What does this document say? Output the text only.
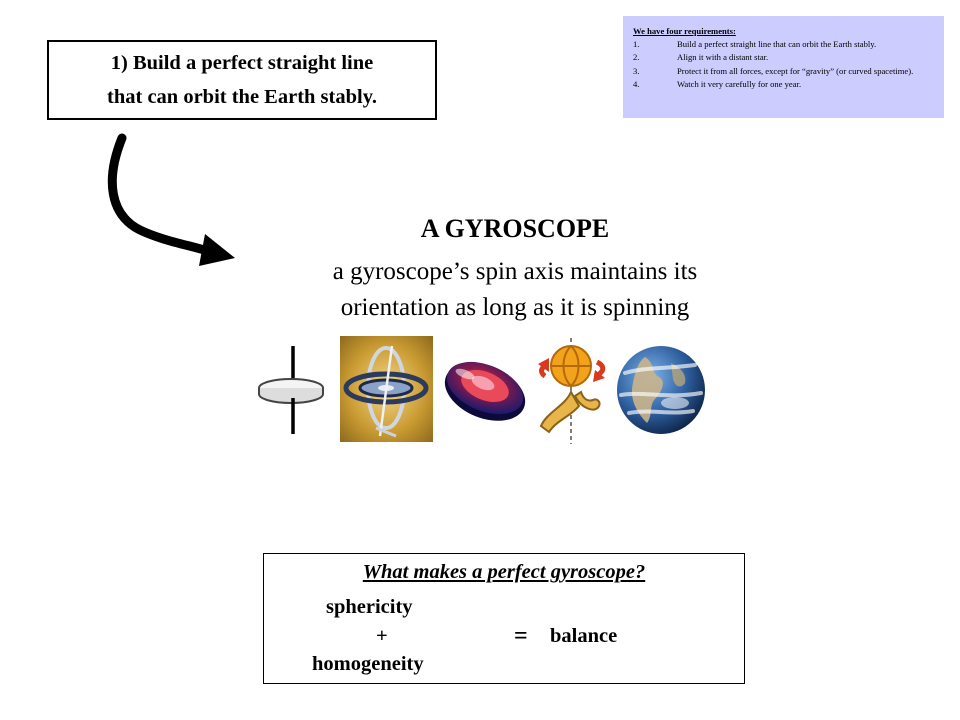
1) Build a perfect straight line
that can orbit the Earth stably.
We have four requirements:
1.	Build a perfect straight line that can orbit the Earth stably.
2.	Align it with a distant star.
3.	Protect it from all forces, except for “gravity” (or curved spacetime).
4.	Watch it very carefully for one year.
A GYROSCOPE
a gyroscope’s spin axis maintains its
orientation as long as it is spinning
What makes a perfect gyroscope?
sphericity
+
homogeneity
= balance
